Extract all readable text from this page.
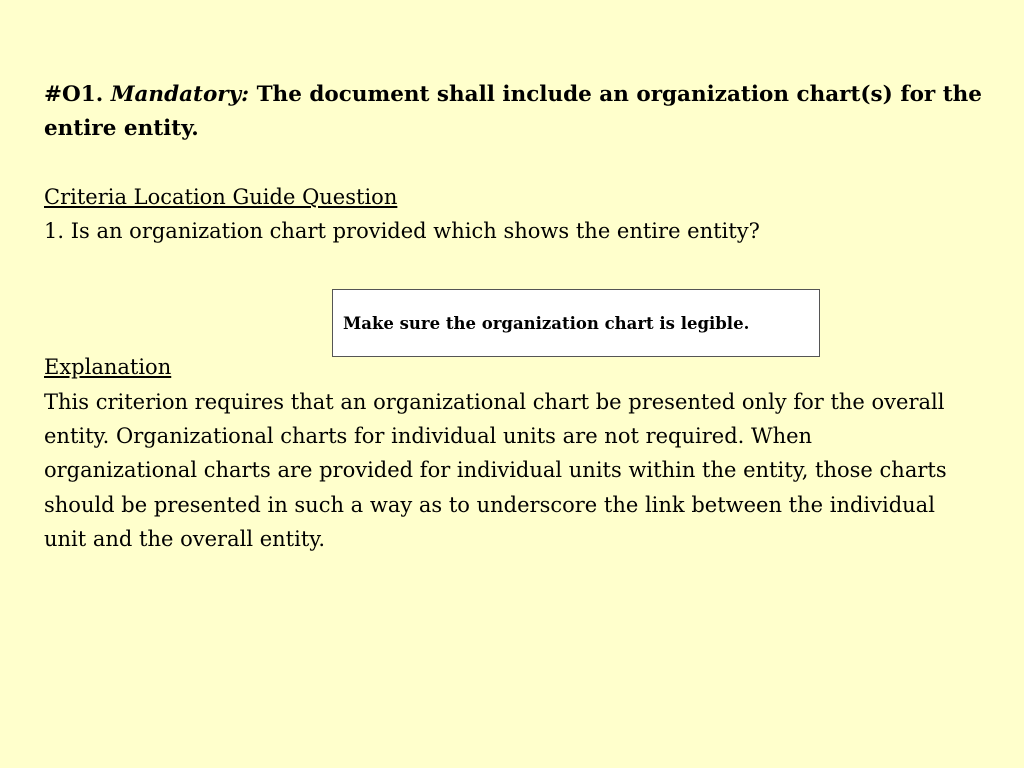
#O1. Mandatory: The document shall include an organization chart(s) for the entire entity.
Criteria Location Guide Question
1. Is an organization chart provided which shows the entire entity?
Make sure the organization chart is legible.
Explanation
This criterion requires that an organizational chart be presented only for the overall
entity. Organizational charts for individual units are not required. When
organizational charts are provided for individual units within the entity, those charts
should be presented in such a way as to underscore the link between the individual
unit and the overall entity.
